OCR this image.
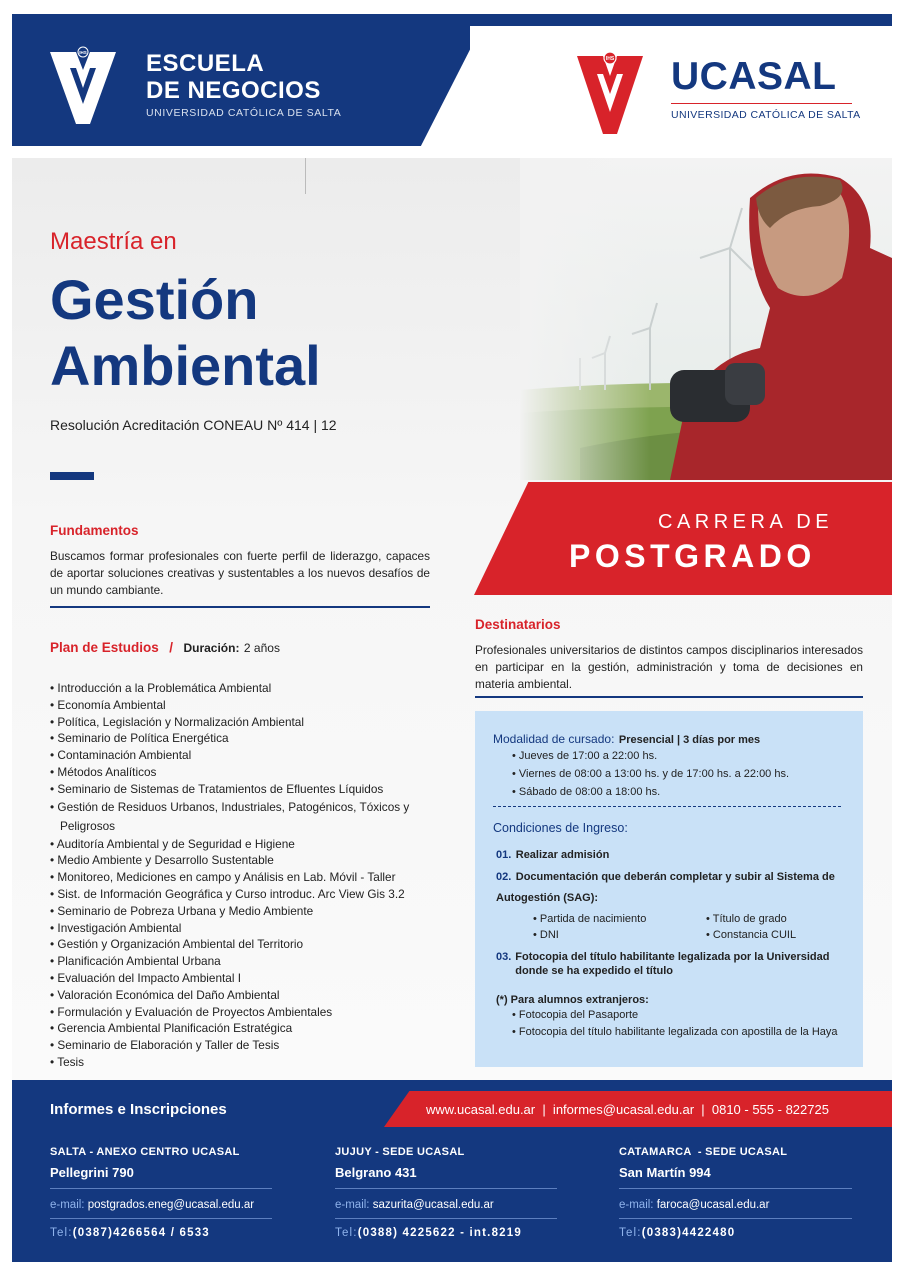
IHS ESCUELA
DE NEGOCIOS
UNIVERSIDAD CATÓLICA DE SALTA
IHS UCASAL
UNIVERSIDAD CATÓLICA DE SALTA
Maestría en
Gestión
Ambiental
Resolución Acreditación CONEAU Nº 414 | 12
CARRERA DE
POSTGRADO
Fundamentos
Buscamos formar profesionales con fuerte perfil de liderazgo, capaces de aportar soluciones creativas y sustentables a los nuevos desafíos de un mundo cambiante.
Plan de Estudios / Duración: 2 años
• Introducción a la Problemática Ambiental
• Economía Ambiental
• Política, Legislación y Normalización Ambiental
• Seminario de Política Energética
• Contaminación Ambiental
• Métodos Analíticos
• Seminario de Sistemas de Tratamientos de Efluentes Líquidos
• Gestión de Residuos Urbanos, Industriales, Patogénicos, Tóxicos y Peligrosos
• Auditoría Ambiental y de Seguridad e Higiene
• Medio Ambiente y Desarrollo Sustentable
• Monitoreo, Mediciones en campo y Análisis en Lab. Móvil - Taller
• Sist. de Información Geográfica y Curso introduc. Arc View Gis 3.2
• Seminario de Pobreza Urbana y Medio Ambiente
• Investigación Ambiental
• Gestión y Organización Ambiental del Territorio
• Planificación Ambiental Urbana
• Evaluación del Impacto Ambiental I
• Valoración Económica del Daño Ambiental
• Formulación y Evaluación de Proyectos Ambientales
• Gerencia Ambiental Planificación Estratégica
• Seminario de Elaboración y Taller de Tesis
• Tesis
Destinatarios
Profesionales universitarios de distintos campos disciplinarios interesados en participar en la gestión, administración y toma de decisiones en materia ambiental.
Modalidad de cursado: Presencial | 3 días por mes
• Jueves de 17:00 a 22:00 hs.
• Viernes de 08:00 a 13:00 hs. y de 17:00 hs. a 22:00 hs.
• Sábado de 08:00 a 18:00 hs.
Condiciones de Ingreso:
01. Realizar admisión
02. Documentación que deberán completar y subir al Sistema de Autogestión (SAG):
• Partida de nacimiento
• DNI
• Título de grado
• Constancia CUIL
03. Fotocopia del título habilitante legalizada por la Universidad donde se ha expedido el título
(*) Para alumnos extranjeros:
• Fotocopia del Pasaporte
• Fotocopia del título habilitante legalizada con apostilla de la Haya
www.ucasal.edu.ar  |  informes@ucasal.edu.ar  |  0810 - 555 - 822725
Informes e Inscripciones
SALTA - ANEXO CENTRO UCASAL
Pellegrini 790
e-mail: postgrados.eneg@ucasal.edu.ar
Tel:(0387)4266564 / 6533
JUJUY - SEDE UCASAL
Belgrano 431
e-mail: sazurita@ucasal.edu.ar
Tel:(0388) 4225622 - int.8219
CATAMARCA  - SEDE UCASAL
San Martín 994
e-mail: faroca@ucasal.edu.ar
Tel:(0383)4422480
